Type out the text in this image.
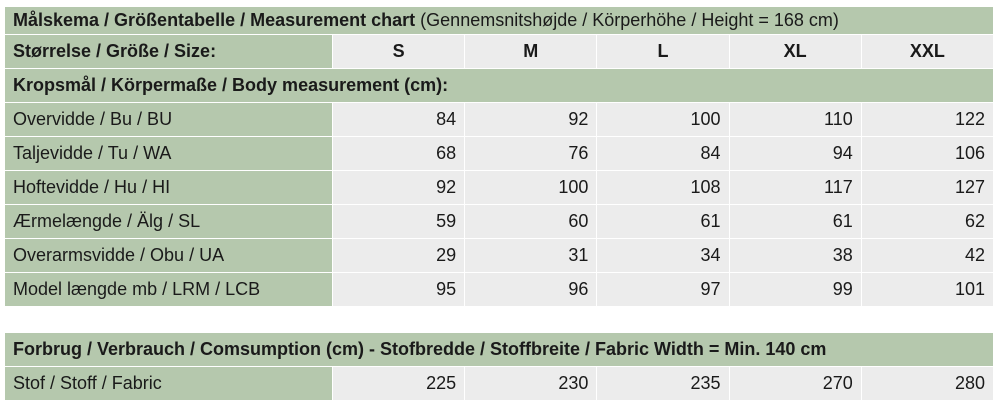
Målskema / Größentabelle / Measurement chart (Gennemsnitshøjde / Körperhöhe / Height = 168 cm)					
Størrelse / Größe / Size:	S	M	L	XL	XXL
Kropsmål / Körpermaße / Body measurement (cm):					
Overvidde / Bu / BU	84	92	100	110	122
Taljevidde / Tu / WA	68	76	84	94	106
Hoftevidde / Hu / HI	92	100	108	117	127
Ærmelængde / Älg / SL	59	60	61	61	62
Overarmsvidde / Obu / UA	29	31	34	38	42
Model længde mb / LRM / LCB	95	96	97	99	101
Forbrug / Verbrauch / Comsumption (cm) - Stofbredde / Stoffbreite / Fabric Width = Min. 140 cm
Stof / Stoff / Fabric	225	230	235	270	280
